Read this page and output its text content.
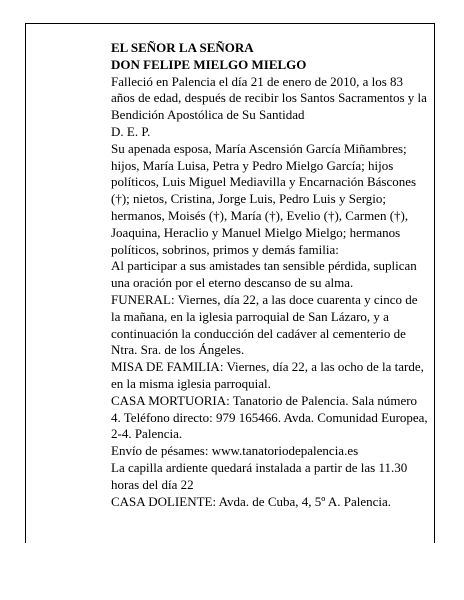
EL SEÑOR LA SEÑORA

DON FELIPE MIELGO MIELGO

Falleció en Palencia el día 21 de enero de 2010, a los 83 años de edad, después de recibir los Santos Sacramentos y la Bendición Apostólica de Su Santidad

D. E. P.

Su apenada esposa, María Ascensión García Miñambres; hijos, María Luisa, Petra y Pedro Mielgo García; hijos políticos, Luis Miguel Mediavilla y Encarnación Báscones (†); nietos, Cristina, Jorge Luis, Pedro Luis y Sergio; hermanos, Moisés (†), María (†), Evelio (†), Carmen (†), Joaquina, Heraclio y Manuel Mielgo Mielgo; hermanos políticos, sobrinos, primos y demás familia:

Al participar a sus amistades tan sensible pérdida, suplican una oración por el eterno descanso de su alma.

FUNERAL: Viernes, día 22, a las doce cuarenta y cinco de la mañana, en la iglesia parroquial de San Lázaro, y a continuación la conducción del cadáver al cementerio de Ntra. Sra. de los Ángeles.

MISA DE FAMILIA: Viernes, día 22, a las ocho de la tarde, en la misma iglesia parroquial.

CASA MORTUORIA: Tanatorio de Palencia. Sala número 4. Teléfono directo: 979 165466. Avda. Comunidad Europea, 2-4. Palencia.

Envío de pésames: www.tanatoriodepalencia.es

La capilla ardiente quedará instalada a partir de las 11.30 horas del día 22

CASA DOLIENTE: Avda. de Cuba, 4, 5º A. Palencia.
